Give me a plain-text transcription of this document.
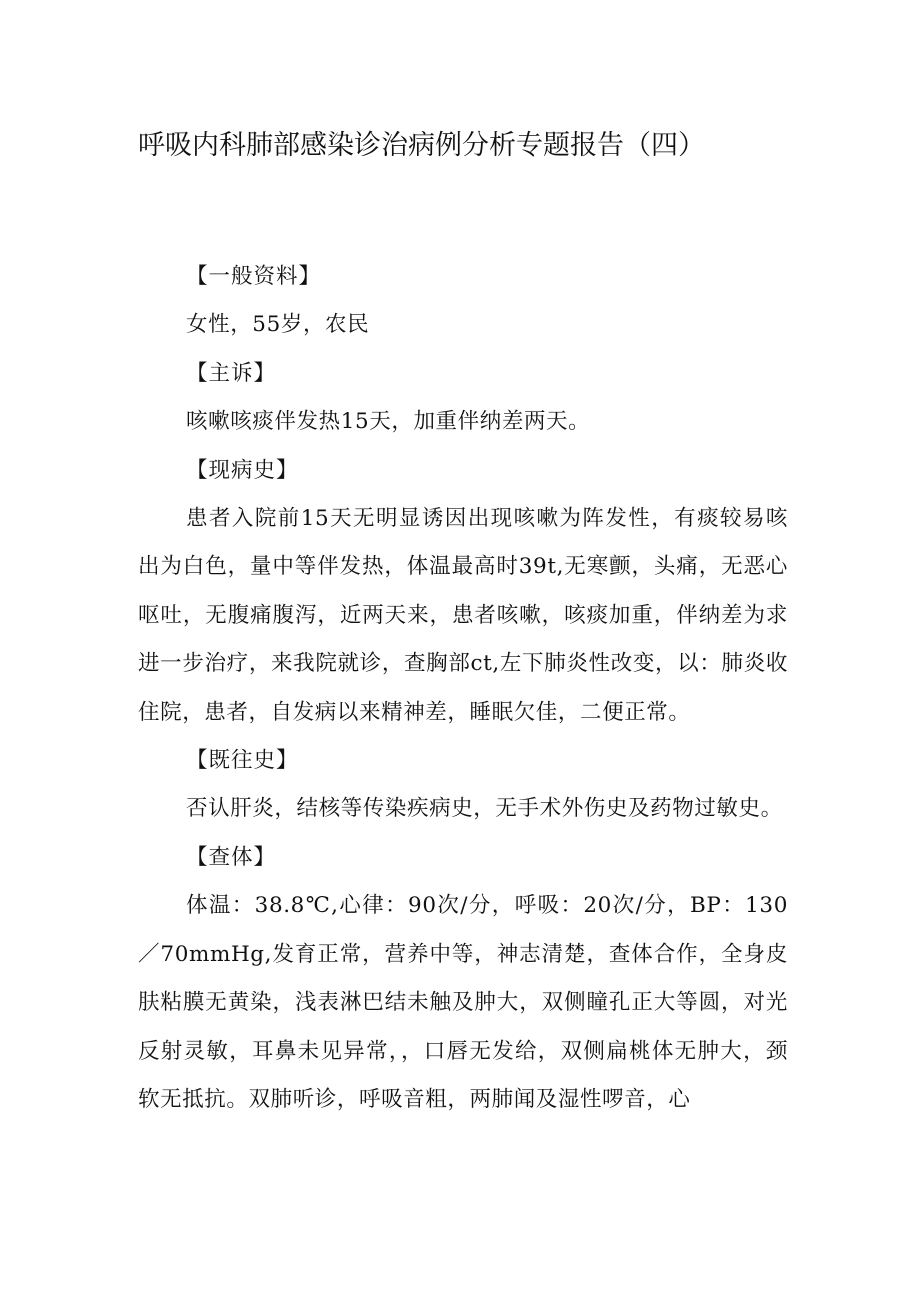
呼吸内科肺部感染诊治病例分析专题报告（四）

【一般资料】

女性，55岁，农民

【主诉】

咳嗽咳痰伴发热15天，加重伴纳差两天。

【现病史】

患者入院前15天无明显诱因出现咳嗽为阵发性，有痰较易咳出为白色，量中等伴发热，体温最高时39t,无寒颤，头痛，无恶心呕吐，无腹痛腹泻，近两天来，患者咳嗽，咳痰加重，伴纳差为求进一步治疗，来我院就诊，查胸部ct,左下肺炎性改变，以：肺炎收住院，患者，自发病以来精神差，睡眠欠佳，二便正常。

【既往史】

否认肝炎，结核等传染疾病史，无手术外伤史及药物过敏史。

【查体】

体温：38.8℃,心律：90次/分，呼吸：20次/分，BP：130／70mmHg,发育正常，营养中等，神志清楚，查体合作，全身皮肤粘膜无黄染，浅表淋巴结未触及肿大，双侧瞳孔正大等圆，对光反射灵敏，耳鼻未见异常，，口唇无发给，双侧扁桃体无肿大，颈软无抵抗。双肺听诊，呼吸音粗，两肺闻及湿性啰音，心
